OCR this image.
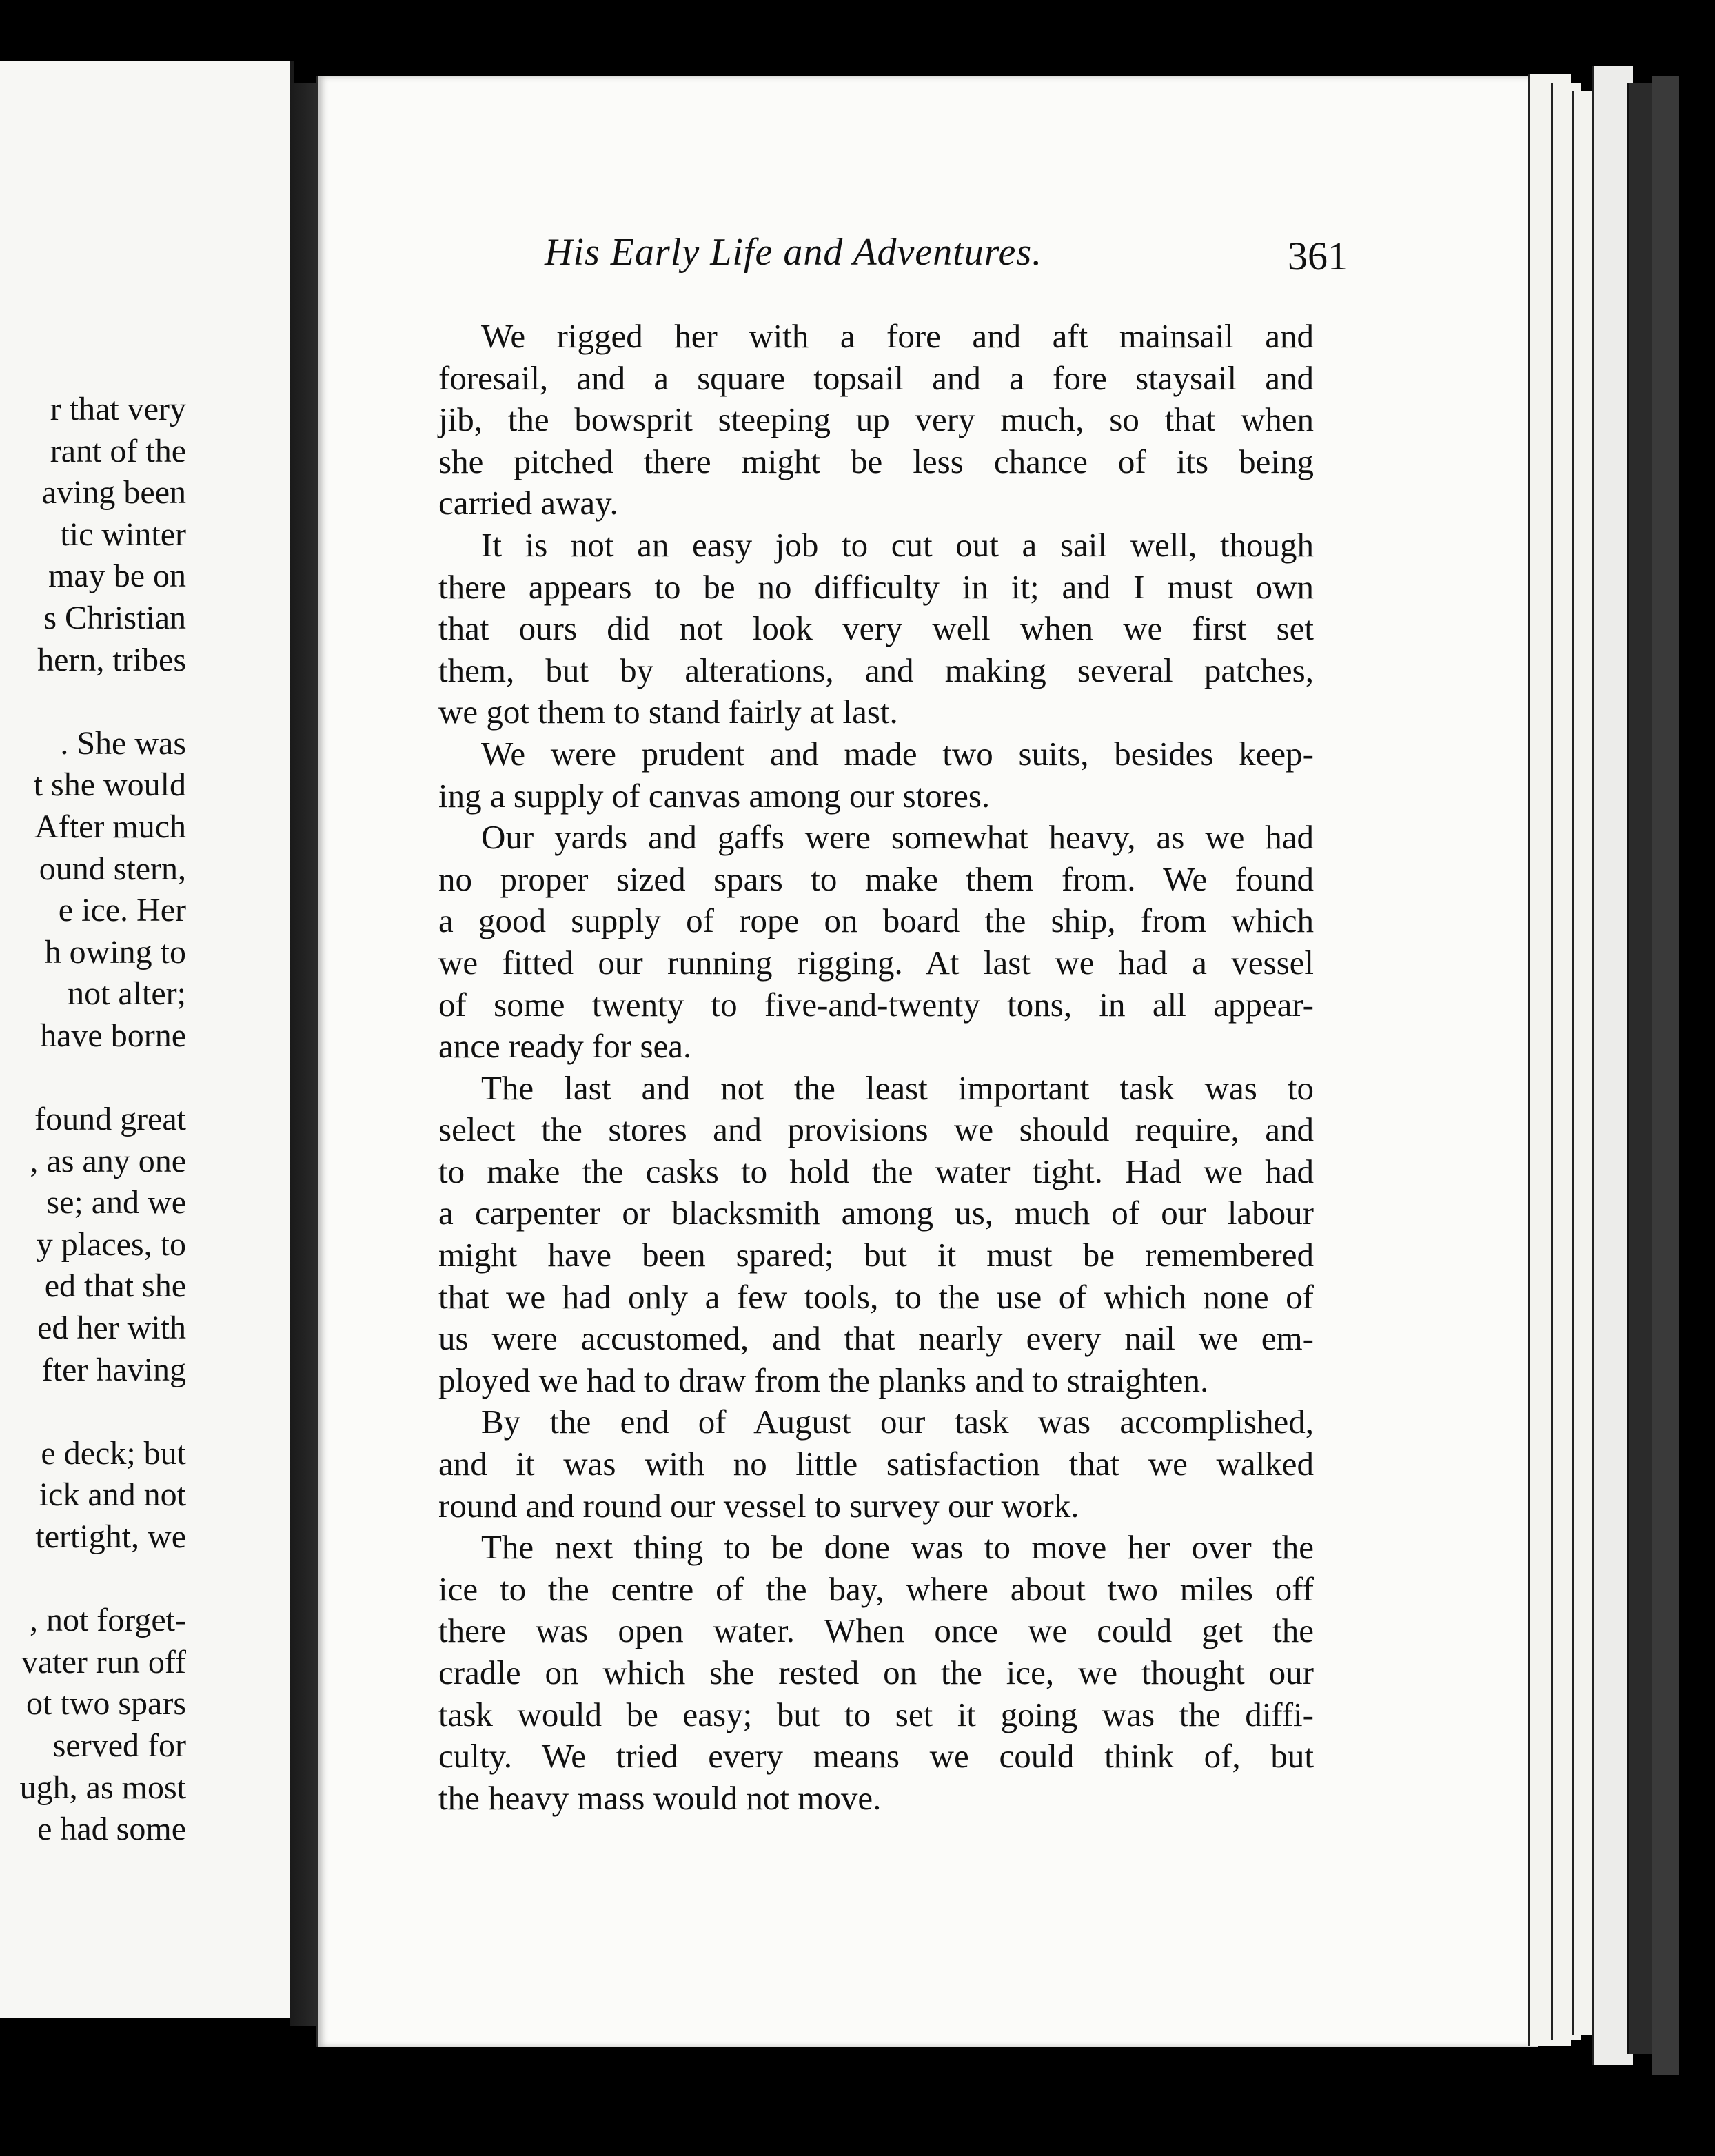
r that very
rant of the
aving been
tic winter
may be on
s Christian
hern, tribes
. She was
t she would
After much
ound stern,
e ice. Her
h owing to
not alter;
have borne
found great
, as any one
se; and we
y places, to
ed that she
ed her with
fter having
e deck; but
ick and not
tertight, we
, not forget-
vater run off
ot two spars
served for
ugh, as most
e had some
His Early Life and Adventures.	361
We rigged her with a fore and aft mainsail and
foresail, and a square topsail and a fore staysail and
jib, the bowsprit steeping up very much, so that when
she pitched there might be less chance of its being
carried away.
It is not an easy job to cut out a sail well, though
there appears to be no difficulty in it; and I must own
that ours did not look very well when we first set
them, but by alterations, and making several patches,
we got them to stand fairly at last.
We were prudent and made two suits, besides keep-
ing a supply of canvas among our stores.
Our yards and gaffs were somewhat heavy, as we had
no proper sized spars to make them from. We found
a good supply of rope on board the ship, from which
we fitted our running rigging. At last we had a vessel
of some twenty to five-and-twenty tons, in all appear-
ance ready for sea.
The last and not the least important task was to
select the stores and provisions we should require, and
to make the casks to hold the water tight. Had we had
a carpenter or blacksmith among us, much of our labour
might have been spared; but it must be remembered
that we had only a few tools, to the use of which none of
us were accustomed, and that nearly every nail we em-
ployed we had to draw from the planks and to straighten.
By the end of August our task was accomplished,
and it was with no little satisfaction that we walked
round and round our vessel to survey our work.
The next thing to be done was to move her over the
ice to the centre of the bay, where about two miles off
there was open water. When once we could get the
cradle on which she rested on the ice, we thought our
task would be easy; but to set it going was the diffi-
culty. We tried every means we could think of, but
the heavy mass would not move.
